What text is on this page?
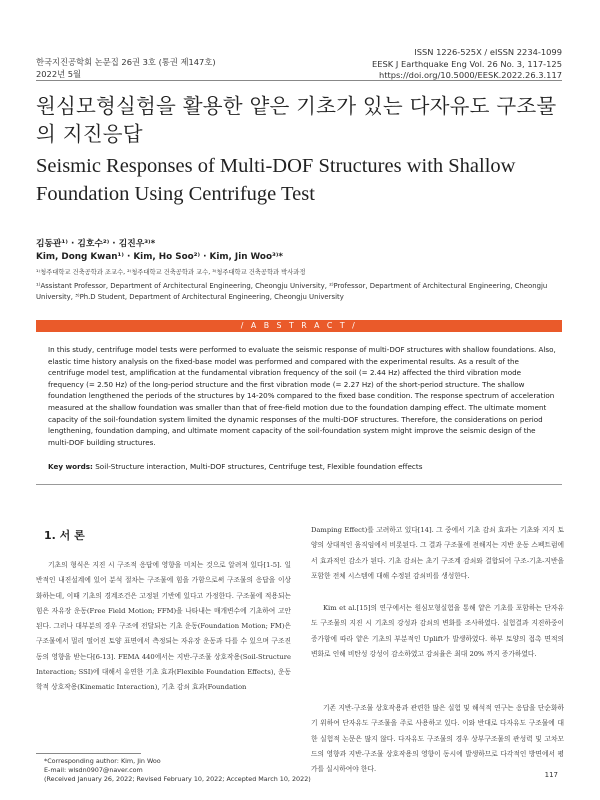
한국지진공학회 논문집 26권 3호 (통권 제147호)
2022년 5월
ISSN 1226-525X / eISSN 2234-1099
EESK J Earthquake Eng Vol. 26 No. 3, 117-125
https://doi.org/10.5000/EESK.2022.26.3.117
원심모형실험을 활용한 얕은 기초가 있는 다자유도 구조물의 지진응답
Seismic Responses of Multi-DOF Structures with Shallow Foundation Using Centrifuge Test
김동관¹⁾ · 김호수²⁾ · 김진우³⁾*
Kim, Dong Kwan¹⁾ · Kim, Ho Soo²⁾ · Kim, Jin Woo³⁾*
¹⁾청주대학교 건축공학과 조교수, ²⁾청주대학교 건축공학과 교수, ³⁾청주대학교 건축공학과 박사과정
¹⁾Assistant Professor, Department of Architectural Engineering, Cheongju University, ²⁾Professor, Department of Architectural Engineering, Cheongju University, ³⁾Ph.D Student, Department of Architectural Engineering, Cheongju University
/ A B S T R A C T /

In this study, centrifuge model tests were performed to evaluate the seismic response of multi-DOF structures with shallow foundations. Also, elastic time history analysis on the fixed-base model was performed and compared with the experimental results. As a result of the centrifuge model test, amplification at the fundamental vibration frequency of the soil (= 2.44 Hz) affected the third vibration mode frequency (= 2.50 Hz) of the long-period structure and the first vibration mode (= 2.27 Hz) of the short-period structure. The shallow foundation lengthened the periods of the structures by 14-20% compared to the fixed base condition. The response spectrum of acceleration measured at the shallow foundation was smaller than that of free-field motion due to the foundation damping effect. The ultimate moment capacity of the soil-foundation system limited the dynamic responses of the multi-DOF structures. Therefore, the considerations on period lengthening, foundation damping, and ultimate moment capacity of the soil-foundation system might improve the seismic design of the multi-DOF building structures.

Key words: Soil-Structure interaction, Multi-DOF structures, Centrifuge test, Flexible foundation effects
1. 서 론

기초의 형식은 지진 시 구조적 응답에 영향을 미치는 것으로 알려져 있다[1-5]. 일반적인 내진설계에 있어 분석 절차는 구조물에 힘을 가함으로써 구조물의 응답을 이상화하는데, 이때 기초의 경계조건은 고정된 기반에 있다고 가정한다. 구조물에 적용되는 힘은 자유장 운동(Free Field Motion; FFM)을 나타내는 매개변수에 기초하여 고안된다. 그러나 대부분의 경우 구조에 전달되는 기초 운동(Foundation Motion; FM)은 구조물에서 멀리 떨어진 토양 표면에서 측정되는 자유장 운동과 다를 수 있으며 구조진동의 영향을 받는다[6-13]. FEMA 440에서는 지반-구조물 상호작용(Soil-Structure Interaction; SSI)에 대해서 유연한 기초 효과(Flexible Foundation Effects), 운동학적 상호작용(Kinematic Interaction), 기초 감쇠 효과(Foundation

Damping Effect)를 고려하고 있다[14]. 그 중에서 기초 감쇠 효과는 기초와 지지 토양의 상대적인 움직임에서 비롯된다. 그 결과 구조물에 전해지는 지반 운동 스펙트럼에서 효과적인 감소가 된다. 기초 감쇠는 초기 구조계 감쇠와 결합되어 구조-기초-지반을 포함한 전체 시스템에 대해 수정된 감쇠비를 생성한다.

Kim et al.[15]의 연구에서는 원심모형실험을 통해 얕은 기초를 포함하는 단자유도 구조물의 지진 시 기초의 강성과 감쇠의 변화를 조사하였다. 실험결과 지진하중이 증가함에 따라 얕은 기초의 부분적인 Uplift가 발생하였다. 하부 토양의 접촉 면적의 변화로 인해 비탄성 강성이 감소하였고 감쇠율은 최대 20% 까지 증가하였다.

기존 지반-구조물 상호작용과 관련한 많은 실험 및 해석적 연구는 응답을 단순화하기 위하여 단자유도 구조물을 주로 사용하고 있다. 이와 반대로 다자유도 구조물에 대한 실험적 논문은 많지 않다. 다자유도 구조물의 경우 상부구조물의 관성력 및 고차모드의 영향과 지반-구조물 상호작용의 영향이 동시에 발생하므로 다각적인 방면에서 평가를 실시하여야 한다.

*Corresponding author: Kim, Jin Woo
E-mail: wlsdn0907@naver.com
(Received January 26, 2022; Revised February 10, 2022; Accepted March 10, 2022)	117
